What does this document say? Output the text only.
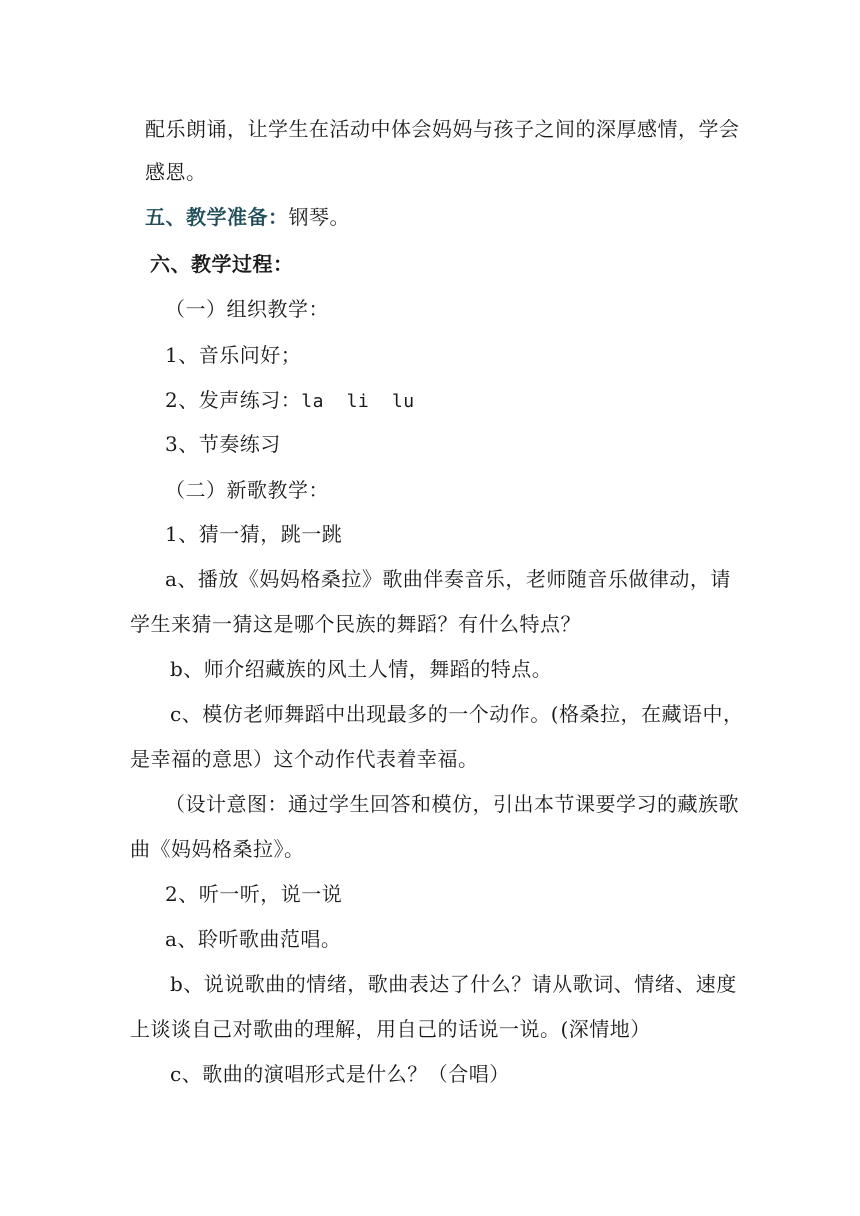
配乐朗诵，让学生在活动中体会妈妈与孩子之间的深厚感情，学会
感恩。
五、教学准备：钢琴。
六、教学过程：
（一）组织教学：
1、音乐问好；
2、发声练习：la  li  lu
3、节奏练习
（二）新歌教学：
1、猜一猜，跳一跳
a、播放《妈妈格桑拉》歌曲伴奏音乐，老师随音乐做律动，请
学生来猜一猜这是哪个民族的舞蹈？有什么特点？
b、师介绍藏族的风土人情，舞蹈的特点。
c、模仿老师舞蹈中出现最多的一个动作。(格桑拉，在藏语中，
是幸福的意思）这个动作代表着幸福。
（设计意图：通过学生回答和模仿，引出本节课要学习的藏族歌
曲《妈妈格桑拉》。
2、听一听，说一说
a、聆听歌曲范唱。
b、说说歌曲的情绪，歌曲表达了什么？请从歌词、情绪、速度
上谈谈自己对歌曲的理解，用自己的话说一说。(深情地）
c、歌曲的演唱形式是什么？（合唱）
